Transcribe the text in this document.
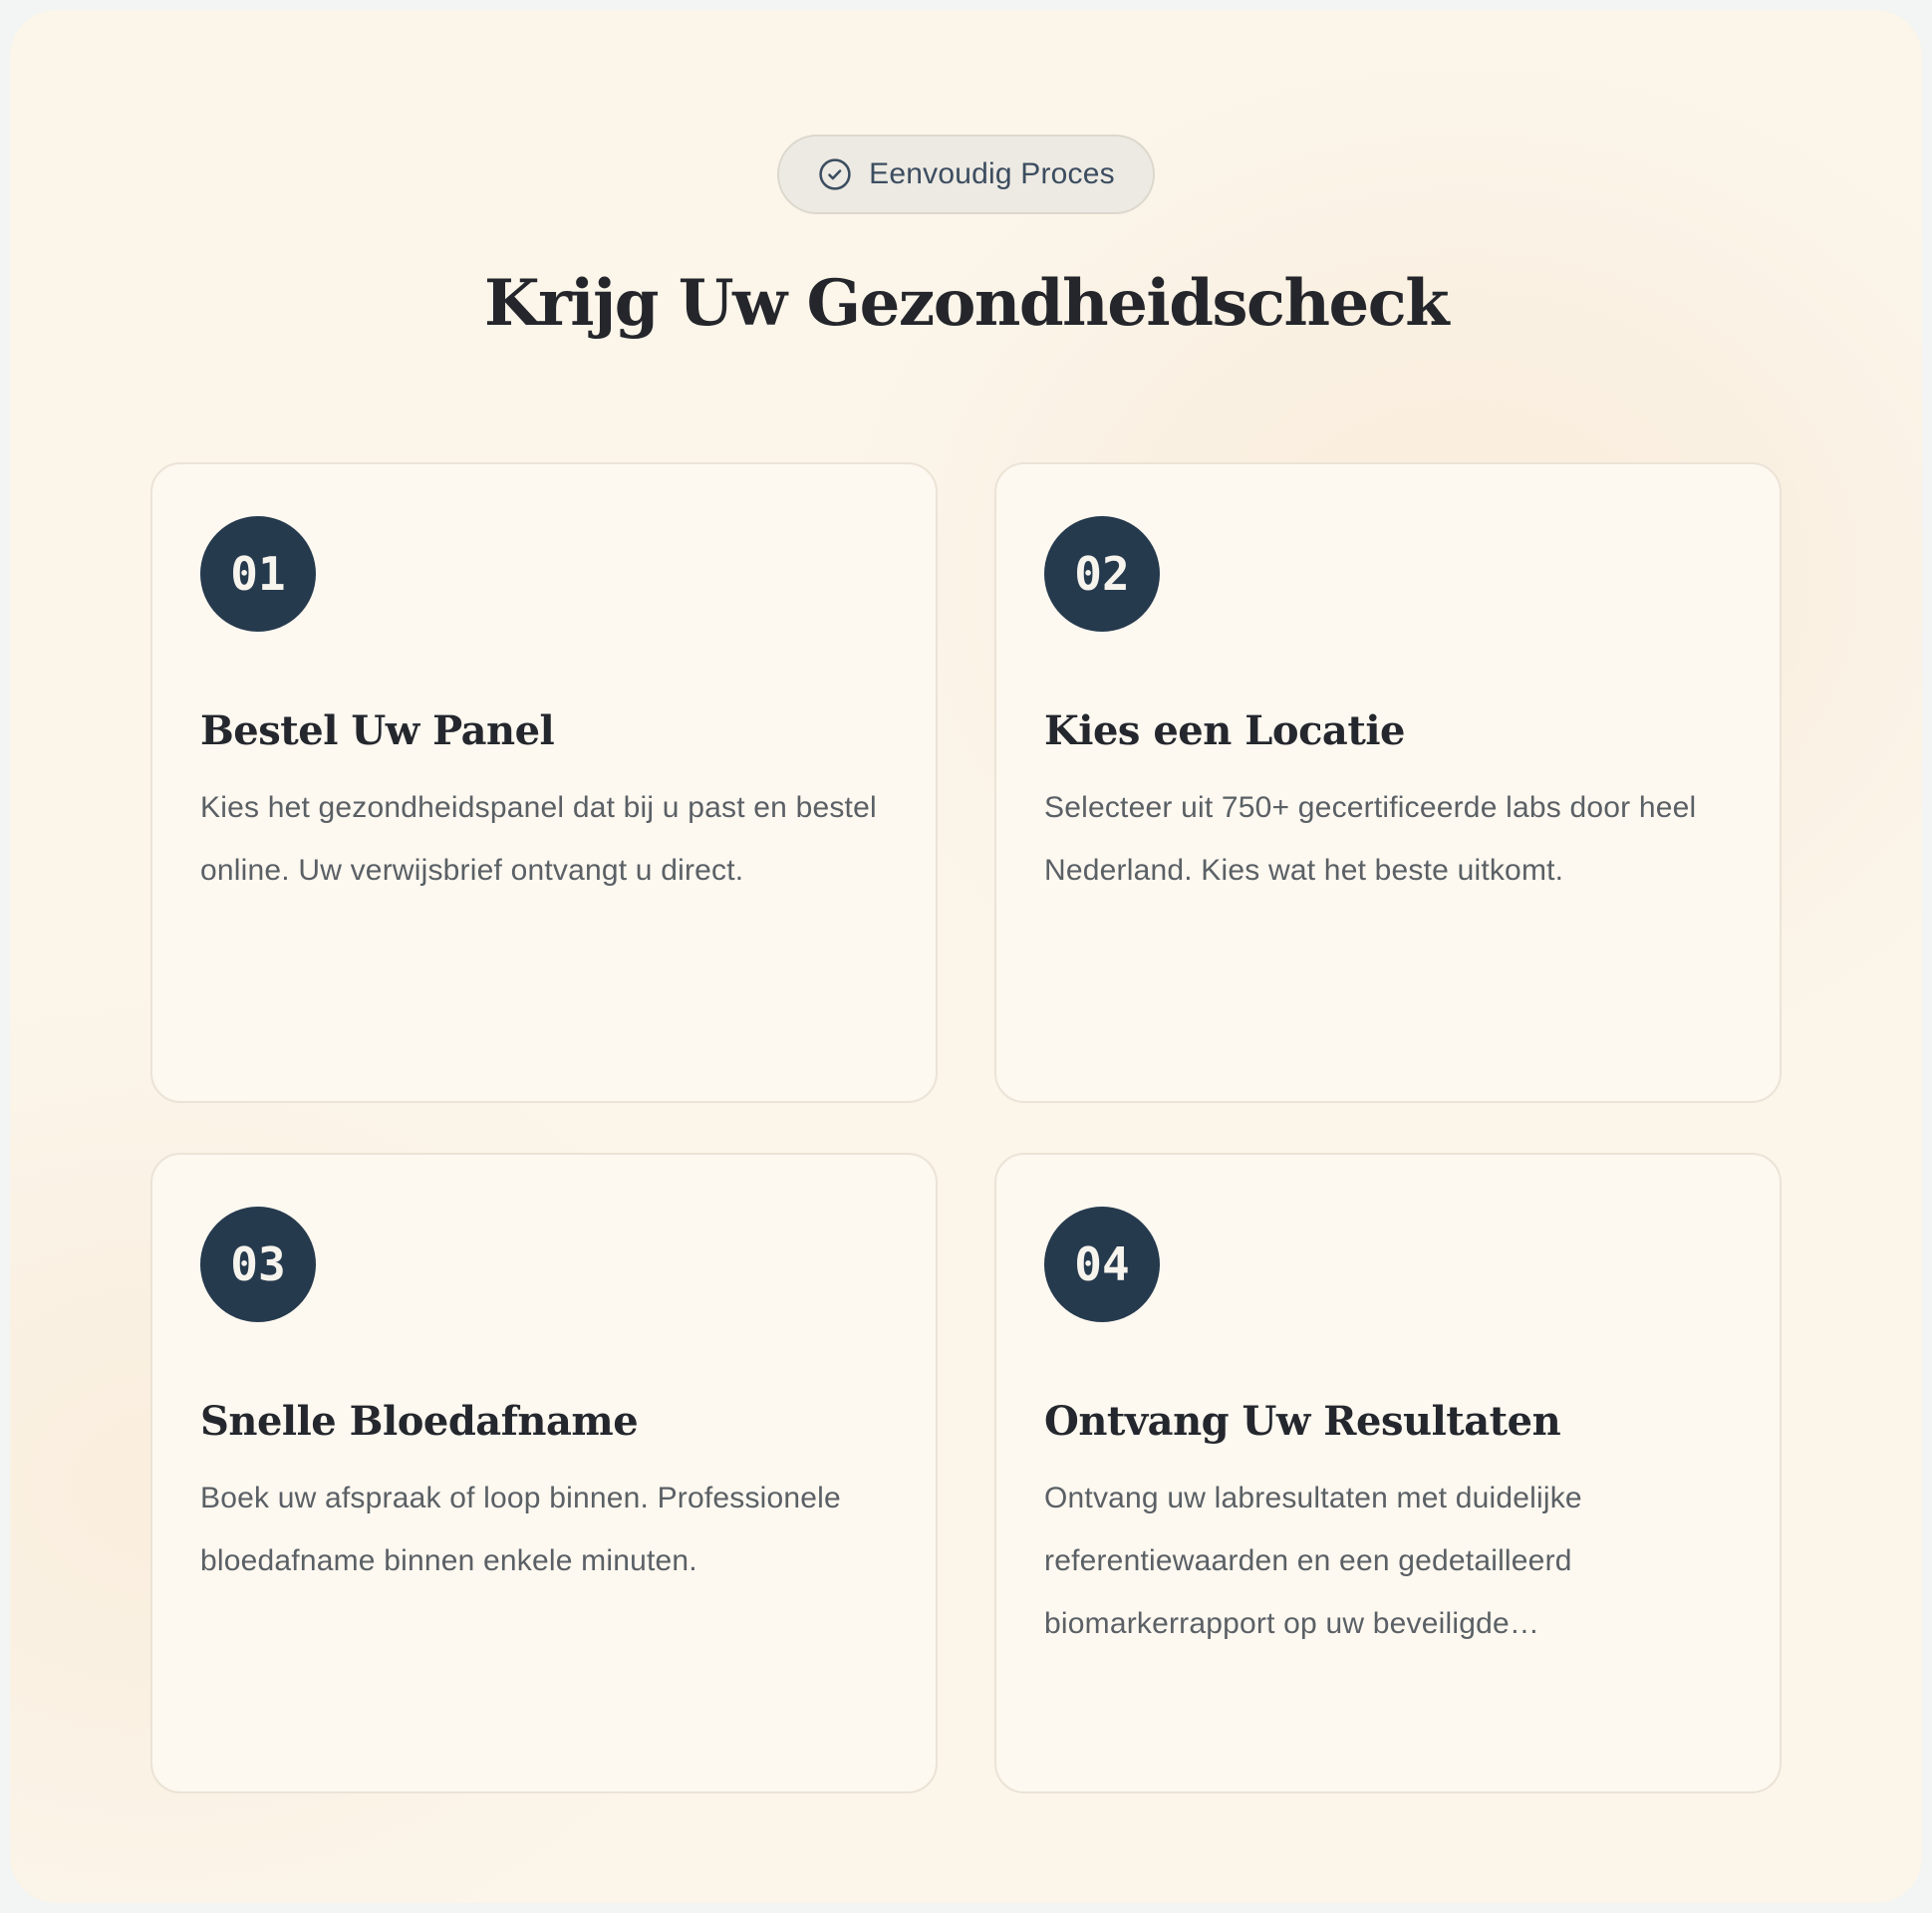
Eenvoudig Proces
Krijg Uw Gezondheidscheck
01
Bestel Uw Panel
Kies het gezondheidspanel dat bij u past en bestel online. Uw verwijsbrief ontvangt u direct.
02
Kies een Locatie
Selecteer uit 750+ gecertificeerde labs door heel Nederland. Kies wat het beste uitkomt.
03
Snelle Bloedafname
Boek uw afspraak of loop binnen. Professionele bloedafname binnen enkele minuten.
04
Ontvang Uw Resultaten
Ontvang uw labresultaten met duidelijke referentiewaarden en een gedetailleerd biomarkerrapport op uw beveiligde…
